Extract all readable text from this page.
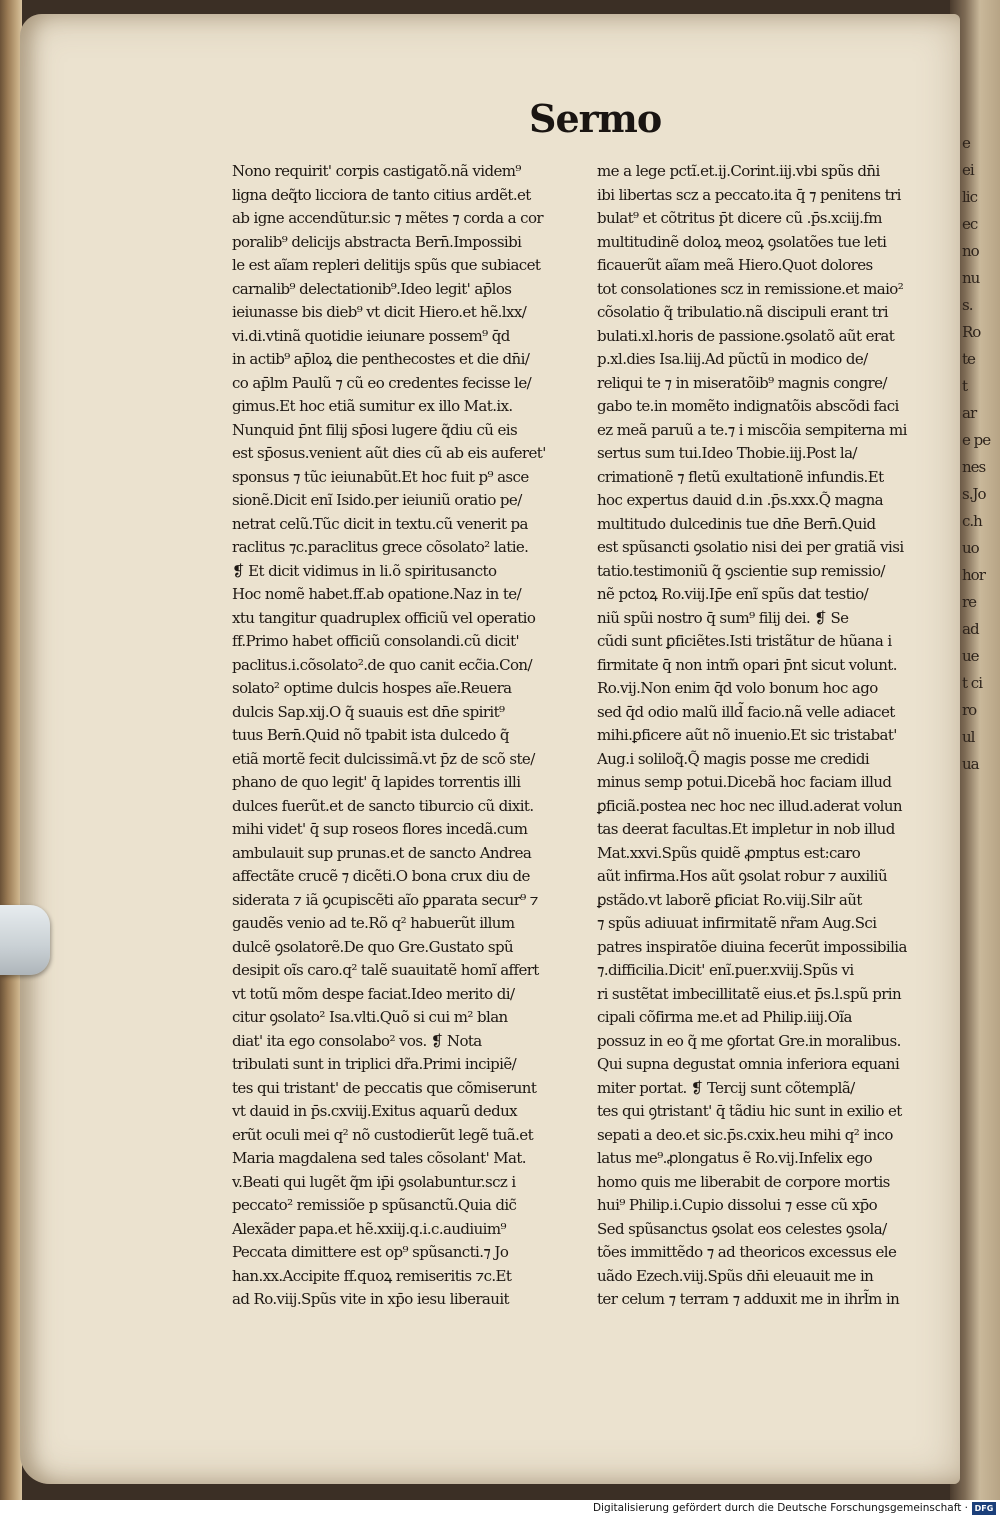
e
ei
lic
ec
no
nu
s.
Ro
te
t
ar
e pe
nes
s.Jo
c.h
uo
hor
re
ad
ue
t ci
ro
ul
ua
Sermo
Nono requirit' corpis castigatõ.nã videm⁹
ligna deq̃to licciora de tanto citius ardẽt.et
ab igne accendũtur.sic ⁊ mẽtes ⁊ corda a cor
poralib⁹ delicijs abstracta Bern̄.Impossibi
le est aĩam repleri delitijs spũs que subiacet
carnalib⁹ delectationib⁹.Ideo legit' ap̄los
ieiunasse bis dieb⁹ vt dicit Hiero.et hẽ.lxx/
vi.di.vtinã quotidie ieiunare possem⁹ q̄d
in actib⁹ ap̄loꝝ die penthecostes et die dn̄i/
co ap̄lm Paulũ ⁊ cũ eo credentes fecisse le/
gimus.Et hoc etiã sumitur ex illo Mat.ix.
Nunquid p̄nt filij sp̄osi lugere q̃diu cũ eis
est sp̄osus.venient aũt dies cũ ab eis auferet'
sponsus ⁊ tũc ieiunabũt.Et hoc fuit p⁹ asce
sionẽ.Dicit enĩ Isido.per ieiuniũ oratio pe/
netrat celũ.Tũc dicit in textu.cũ venerit pa
raclitus ⁊c.paraclitus grece cõsolato² latie.
❡ Et dicit vidimus in li.õ spiritusancto
Hoc nomẽ habet.ff.ab opatione.Naz in te/
xtu tangitur quadruplex officiũ vel operatio
ff.Primo habet officiũ consolandi.cũ dicit'
paclitus.i.cõsolato².de quo canit ecc̃ia.Con/
solato² optime dulcis hospes aĩe.Reuera
dulcis Sap.xij.O q̃ suauis est dn̄e spirit⁹
tuus Bern̄.Quid nõ tpabit ista dulcedo q̃
etiã mortẽ fecit dulcissimã.vt p̄z de scõ ste/
phano de quo legit' q̄ lapides torrentis illi
dulces fuerũt.et de sancto tiburcio cũ dixit.
mihi videt' q̄ sup roseos flores incedã.cum
ambulauit sup prunas.et de sancto Andrea
affectãte crucẽ ⁊ dicẽti.O bona crux diu de
siderata ⁊ iã ꝯcupiscẽti aĩo ꝑparata secur⁹ ⁊
gaudẽs venio ad te.Rõ q² habuerũt illum
dulcẽ ꝯsolatorẽ.De quo Gre.Gustato spũ
desipit oĩs caro.q² talẽ suauitatẽ homĩ affert
vt totũ mõm despe faciat.Ideo merito di/
citur ꝯsolato² Isa.vlti.Quõ si cui m² blan
diat' ita ego consolabo² vos. ❡ Nota
tribulati sunt in triplici dr̃a.Primi incipiẽ/
tes qui tristant' de peccatis que cõmiserunt
vt dauid in p̄s.cxviij.Exitus aquarũ dedux
erũt oculi mei q² nõ custodierũt legẽ tuã.et
Maria magdalena sed tales cõsolant' Mat.
v.Beati qui lugẽt q̃m ip̄i ꝯsolabuntur.scz i
peccato² remissiõe p spũsanctũ.Quia dic̃
Alexãder papa.et hẽ.xxiij.q.i.c.audiuim⁹
Peccata dimittere est op⁹ spũsancti.⁊ Jo
han.xx.Accipite ff.quoꝝ remiseritis ⁊c.Et
ad Ro.viij.Spũs vite in xp̄o iesu liberauit
me a lege pctĩ.et.ij.Corint.iij.vbi spũs dn̄i
ibi libertas scz a peccato.ita q̄ ⁊ penitens tri
bulat⁹ et cõtritus p̄t dicere cũ .p̄s.xciij.fm
multitudinẽ doloꝝ meoꝝ ꝯsolatões tue leti
ficauerũt aĩam meã Hiero.Quot dolores
tot consolationes scz in remissione.et maio²
cõsolatio q̃ tribulatio.nã discipuli erant tri
bulati.xl.horis de passione.ꝯsolatõ aũt erat
p.xl.dies Isa.liij.Ad pũctũ in modico de/
reliqui te ⁊ in miseratõib⁹ magnis congre/
gabo te.in momẽto indignatõis abscõdi faci
ez meã paruũ a te.⁊ i miscõia sempiterna mi
sertus sum tui.Ideo Thobie.iij.Post la/
crimationẽ ⁊ fletũ exultationẽ infundis.Et
hoc expertus dauid d.in .p̄s.xxx.Q̃ magna
multitudo dulcedinis tue dn̄e Bern̄.Quid
est spũsancti ꝯsolatio nisi dei per gratiã visi
tatio.testimoniũ q̃ ꝯscientie sup remissio/
nẽ pctoꝝ Ro.viij.Ip̄e enĩ spũs dat testio/
niũ spũi nostro q̄ sum⁹ filij dei. ❡ Se
cũdi sunt ꝑficiẽtes.Isti tristãtur de hũana i
firmitate q̄ non intm̃ opari p̄nt sicut volunt.
Ro.vij.Non enim q̄d volo bonum hoc ago
sed q̄d odio malũ illd̃ facio.nã velle adiacet
mihi.ꝑficere aũt nõ inuenio.Et sic tristabat'
Aug.i soliloq̃.Q̃ magis posse me credidi
minus semp potui.Dicebã hoc faciam illud
ꝑficiã.postea nec hoc nec illud.aderat volun
tas deerat facultas.Et impletur in nob illud
Mat.xxvi.Spũs quidẽ ꝓmptus est:caro
aũt infirma.Hos aũt ꝯsolat robur ⁊ auxiliũ
ꝑstãdo.vt laborẽ ꝑficiat Ro.viij.Silr aũt
⁊ spũs adiuuat infirmitatẽ nr̃am Aug.Sci
patres inspiratõe diuina fecerũt impossibilia
⁊.difficilia.Dicit' enĩ.puer.xviij.Spũs vi
ri sustẽtat imbecillitatẽ eius.et p̄s.l.spũ prin
cipali cõfirma me.et ad Philip.iiij.Oĩa
possuz in eo q̃ me ꝯfortat Gre.in moralibus.
Qui supna degustat omnia inferiora equani
miter portat. ❡ Tercij sunt cõtemplã/
tes qui ꝯtristant' q̄ tãdiu hic sunt in exilio et
sepati a deo.et sic.p̄s.cxix.heu mihi q² inco
latus me⁹.ꝓlongatus ẽ Ro.vij.Infelix ego
homo quis me liberabit de corpore mortis
hui⁹ Philip.i.Cupio dissolui ⁊ esse cũ xp̄o
Sed spũsanctus ꝯsolat eos celestes ꝯsola/
tões immittẽdo ⁊ ad theoricos excessus ele
uãdo Ezech.viij.Spũs dn̄i eleuauit me in
ter celum ⁊ terram ⁊ adduxit me in ihrl̃m in
Digitalisierung gefördert durch die Deutsche Forschungsgemeinschaft · DFG
